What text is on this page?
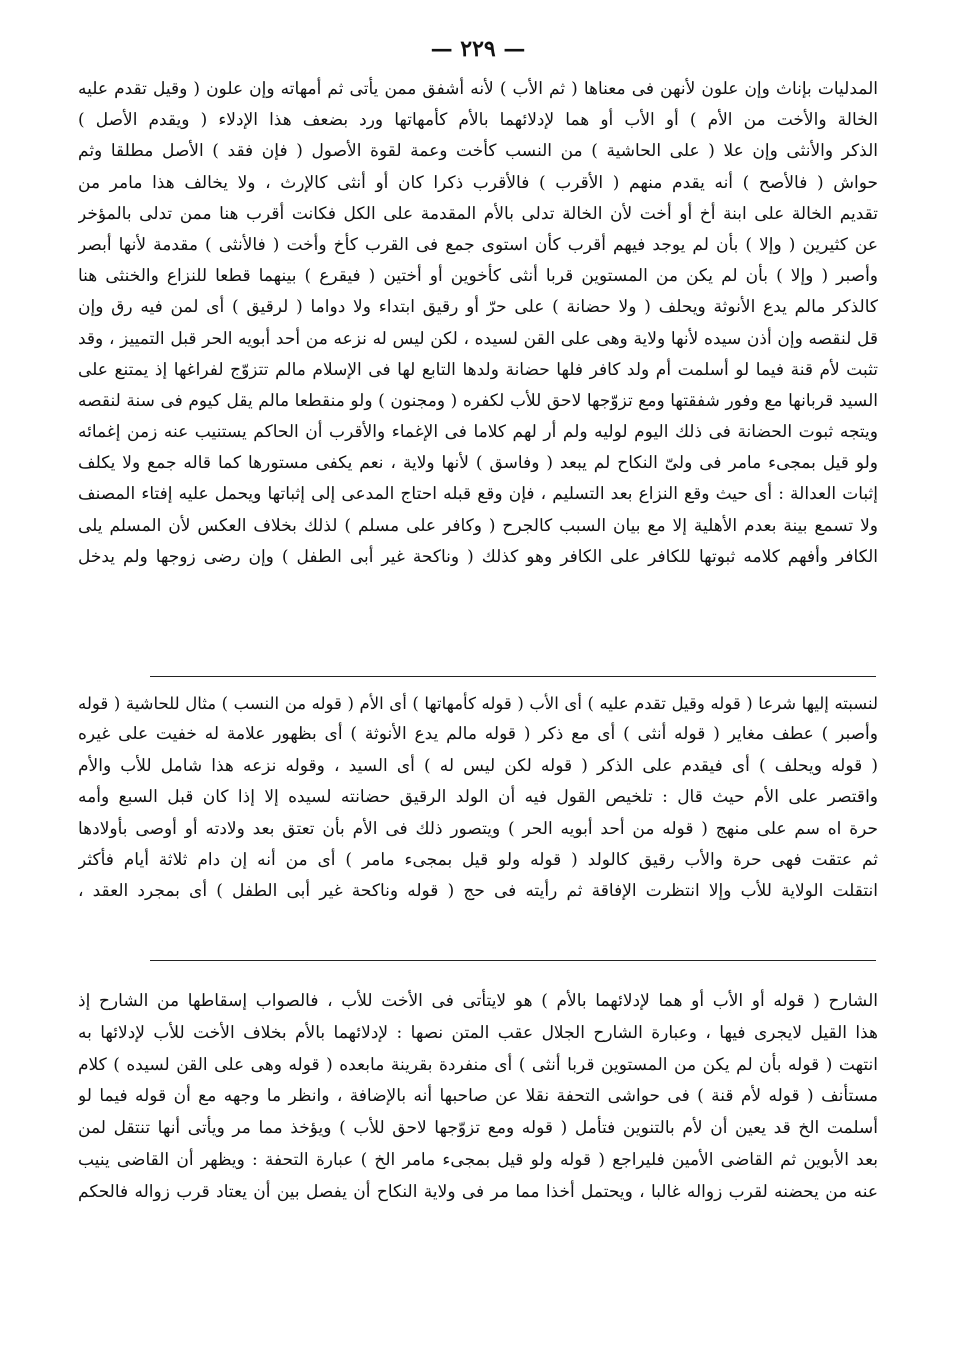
— ٢٢٩ —
المدليات بإناث وإن علون لأنهن فى معناها ( ثم الأب ) لأنه أشفق ممن يأتى ثم أمهاته وإن علون ( وقيل تقدم عليه
الخالة والأخت من الأم ) أو الأب أو هما لإدلائهما بالأم كأمهاتها ورد بضعف هذا الإدلاء ( ويقدم الأصل )
الذكر والأنثى وإن علا ( على الحاشية ) من النسب كأخت وعمة لقوة الأصول ( فإن فقد ) الأصل مطلقا وثم
حواش ( فالأصح ) أنه يقدم منهم ( الأقرب ) فالأقرب ذكرا كان أو أنثى كالإرث ، ولا يخالف هذا مامر من
تقديم الخالة على ابنة أخ أو أخت لأن الخالة تدلى بالأم المقدمة على الكل فكانت أقرب هنا ممن تدلى بالمؤخر
عن كثيرين ( وإلا ) بأن لم يوجد فيهم أقرب كأن استوى جمع فى القرب كأخ وأخت ( فالأنثى ) مقدمة لأنها أبصر
وأصبر ( وإلا ) بأن لم يكن من المستوين قربا أنثى كأخوين أو أختين ( فيقرع ) بينهما قطعا للنزاع والخنثى هنا
كالذكر مالم يدع الأنوثة ويحلف ( ولا حضانة ) على حرّ أو رقيق ابتداء ولا دواما ( لرقيق ) أى لمن فيه رق وإن
قل لنقصه وإن أذن سيده لأنها ولاية وهى على القن لسيده ، لكن ليس له نزعه من أحد أبويه الحر قبل التمييز ، وقد
تثبت لأم قنة فيما لو أسلمت أم ولد كافر فلها حضانة ولدها التابع لها فى الإسلام مالم تتزوّج لفراغها إذ يمتنع على
السيد قربانها مع وفور شفقتها ومع تزوّجها لاحق للأب لكفره ( ومجنون ) ولو منقطعا مالم يقل كيوم فى سنة لنقصه
ويتجه ثبوت الحضانة فى ذلك اليوم لوليه ولم أر لهم كلاما فى الإغماء والأقرب أن الحاكم يستنيب عنه زمن إغمائه
ولو قيل بمجىء مامر فى ولىّ النكاح لم يبعد ( وفاسق ) لأنها ولاية ، نعم يكفى مستورها كما قاله جمع ولا يكلف
إثبات العدالة : أى حيث وقع النزاع بعد التسليم ، فإن وقع قبله احتاج المدعى إلى إثباتها ويحمل عليه إفتاء المصنف
ولا تسمع بينة بعدم الأهلية إلا مع بيان السبب كالجرح ( وكافر على مسلم ) لذلك بخلاف العكس لأن المسلم يلى
الكافر وأفهم كلامه ثبوتها للكافر على الكافر وهو كذلك ( وناكحة غير أبى الطفل ) وإن رضى زوجها ولم يدخل
لنسبته إليها شرعا ( قوله وقيل تقدم عليه ) أى الأب ( قوله كأمهاتها ) أى الأم ( قوله من النسب ) مثال للحاشية ( قوله
وأصبر ) عطف مغاير ( قوله أنثى ) أى مع ذكر ( قوله مالم يدع الأنوثة ) أى بظهور علامة له خفيت على غيره
( قوله ويحلف ) أى فيقدم على الذكر ( قوله لكن ليس له ) أى السيد ، وقوله نزعه هذا شامل للأب والأم
واقتصر على الأم حيث قال : تلخيص القول فيه أن الولد الرقيق حضانته لسيده إلا إذا كان قبل السبع وأمه
حرة اه سم على منهج ( قوله من أحد أبويه الحر ) ويتصور ذلك فى الأم بأن تعتق بعد ولادته أو أوصى بأولادها
ثم عتقت فهى حرة والأب رقيق كالولد ( قوله ولو قيل بمجىء مامر ) أى من أنه إن دام ثلاثة أيام فأكثر
انتقلت الولاية للأب وإلا انتظرت الإفاقة ثم رأيته فى حج ( قوله وناكحة غير أبى الطفل ) أى بمجرد العقد ،
الشارح ( قوله أو الأب أو هما لإدلائهما بالأم ) هو لايتأتى فى الأخت للأب ، فالصواب إسقاطها من الشارح إذ
هذا القيل لايجرى فيها ، وعبارة الشارح الجلال عقب المتن نصها : لإدلائهما بالأم بخلاف الأخت للأب لإدلائها به
انتهت ( قوله بأن لم يكن من المستوين قربا أنثى ) أى منفردة بقرينة مابعده ( قوله وهى على القن لسيده ) كلام
مستأنف ( قوله لأم قنة ) فى حواشى التحفة نقلا عن صاحبها أنه بالإضافة ، وانظر ما وجهه مع أن قوله فيما لو
أسلمت الخ قد يعين أن لأم بالتنوين فتأمل ( قوله ومع تزوّجها لاحق للأب ) ويؤخذ مما مر ويأتى أنها تنتقل لمن
بعد الأبوين ثم القاضى الأمين فليراجع ( قوله ولو قيل بمجىء مامر الخ ) عبارة التحفة : ويظهر أن القاضى ينيب
عنه من يحضنه لقرب زواله غالبا ، ويحتمل أخذا مما مر فى ولاية النكاح أن يفصل بين أن يعتاد قرب زواله فالحكم
